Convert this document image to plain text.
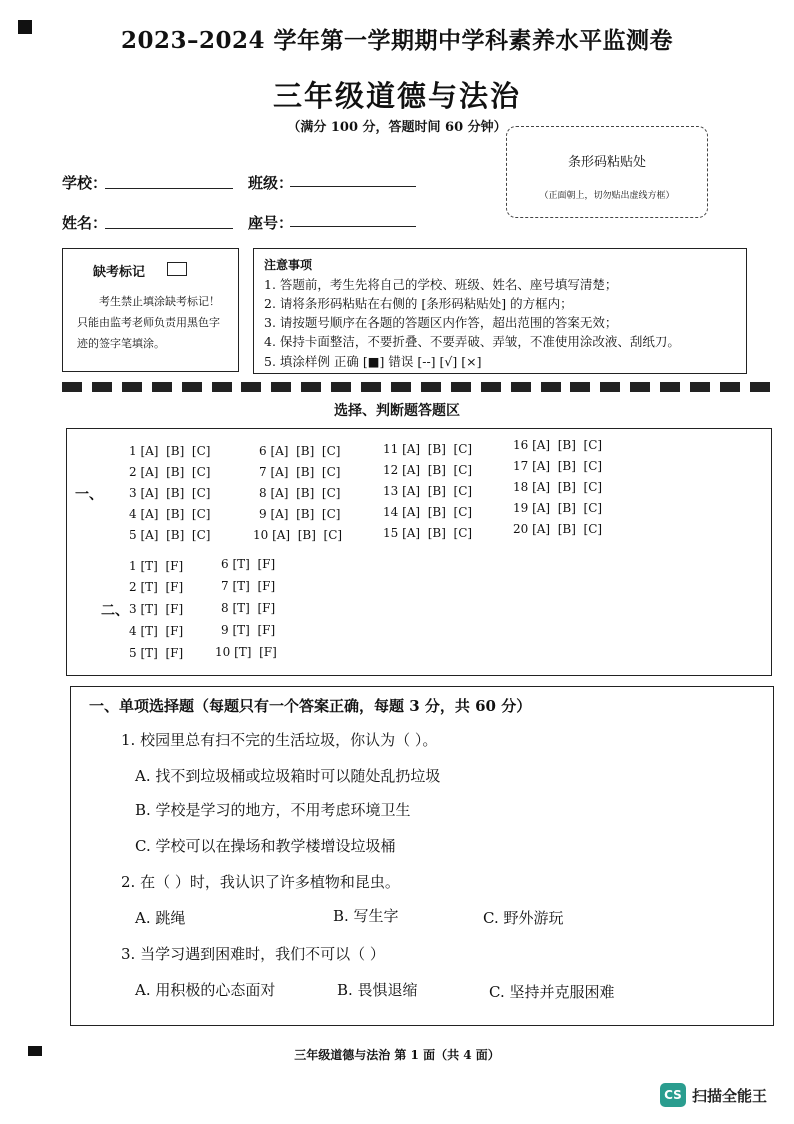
2023–2024 学年第一学期期中学科素养水平监测卷
三年级道德与法治
（满分 100 分，答题时间 60 分钟）
学校：	班级：
姓名：	座号：
条形码粘贴处
（正面朝上，切勿贴出虚线方框）
缺考标记
考生禁止填涂缺考标记！只能由监考老师负责用黑色字迹的签字笔填涂。
注意事项
1. 答题前，考生先将自己的学校、班级、姓名、座号填写清楚；
2. 请将条形码粘贴在右侧的 [条形码粘贴处] 的方框内；
3. 请按题号顺序在各题的答题区内作答，超出范围的答案无效；
4. 保持卡面整洁，不要折叠、不要弄破、弄皱，不准使用涂改液、刮纸刀。
5. 填涂样例 正确 [■] 错误 [--] [√] [×]
选择、判断题答题区
一、
1 [A]  [B]  [C]
2 [A]  [B]  [C]
3 [A]  [B]  [C]
4 [A]  [B]  [C]
5 [A]  [B]  [C]
6 [A]  [B]  [C]
7 [A]  [B]  [C]
8 [A]  [B]  [C]
9 [A]  [B]  [C]
10 [A]  [B]  [C]
11 [A]  [B]  [C]
12 [A]  [B]  [C]
13 [A]  [B]  [C]
14 [A]  [B]  [C]
15 [A]  [B]  [C]
16 [A]  [B]  [C]
17 [A]  [B]  [C]
18 [A]  [B]  [C]
19 [A]  [B]  [C]
20 [A]  [B]  [C]
二、
1 [T]  [F]
2 [T]  [F]
3 [T]  [F]
4 [T]  [F]
5 [T]  [F]
6 [T]  [F]
7 [T]  [F]
8 [T]  [F]
9 [T]  [F]
10 [T]  [F]
一、单项选择题（每题只有一个答案正确，每题 3 分，共 60 分）
1. 校园里总有扫不完的生活垃圾，你认为（ ）。
A. 找不到垃圾桶或垃圾箱时可以随处乱扔垃圾
B. 学校是学习的地方，不用考虑环境卫生
C. 学校可以在操场和教学楼增设垃圾桶
2. 在（ ）时，我认识了许多植物和昆虫。
A. 跳绳	B. 写生字	C. 野外游玩
3. 当学习遇到困难时，我们不可以（ ）
A. 用积极的心态面对	B. 畏惧退缩	C. 坚持并克服困难
三年级道德与法治 第 1 面（共 4 面）
CS 扫描全能王
